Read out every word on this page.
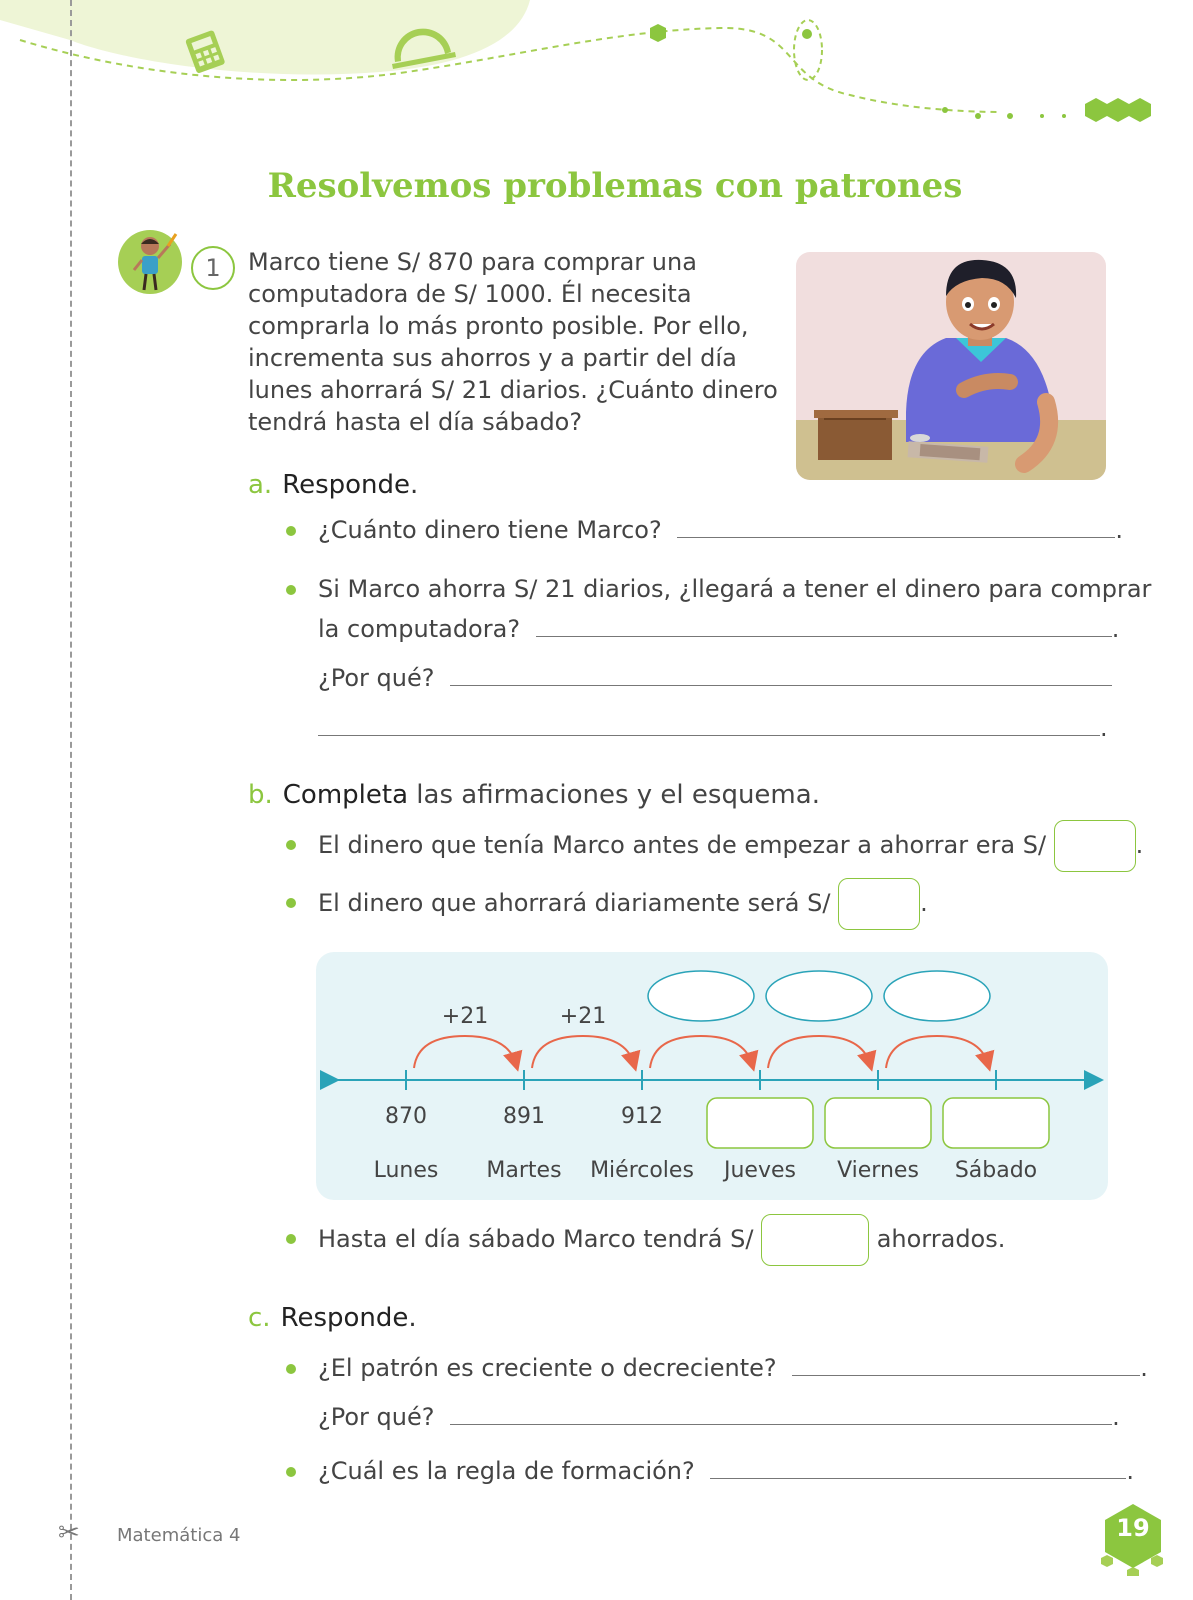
Resolvemos problemas con patrones
1	Marco tiene S/ 870 para comprar una computadora de S/ 1000. Él necesita comprarla lo más pronto posible. Por ello, incrementa sus ahorros y a partir del día lunes ahorrará S/ 21 diarios. ¿Cuánto dinero tendrá hasta el día sábado?
a. Responde.
¿Cuánto dinero tiene Marco?	.
Si Marco ahorra S/ 21 diarios, ¿llegará a tener el dinero para comprar
la computadora?	.
¿Por qué?
.
b. Completa las afirmaciones y el esquema.
El dinero que tenía Marco antes de empezar a ahorrar era S/	.
El dinero que ahorrará diariamente será S/	.
+21	+21
870	891	912
Lunes	Martes	Miércoles	Jueves	Viernes	Sábado
Hasta el día sábado Marco tendrá S/	ahorrados.
c. Responde.
¿El patrón es creciente o decreciente?	.
¿Por qué?	.
¿Cuál es la regla de formación?	.
✂ Matemática 4	19
